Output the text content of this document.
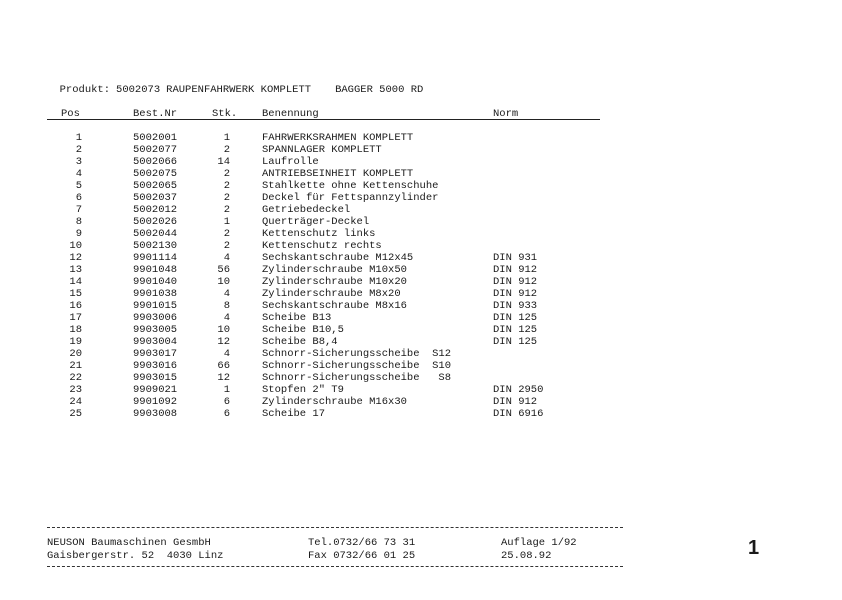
Produkt: 5002073 RAUPENFAHRWERK KOMPLETT BAGGER 5000 RD

Pos	Best.Nr	Stk. Benennung	Norm
1	5002001	1	FAHRWERKSRAHMEN KOMPLETT
2	5002077	2	SPANNLAGER KOMPLETT
3	5002066	14	Laufrolle
4	5002075	2	ANTRIEBSEINHEIT KOMPLETT
5	5002065	2	Stahlkette ohne Kettenschuhe
6	5002037	2	Deckel für Fettspannzylinder
7	5002012	2	Getriebedeckel
8	5002026	1	Querträger-Deckel
9	5002044	2	Kettenschutz links
10	5002130	2	Kettenschutz rechts
12	9901114	4	Sechskantschraube M12x45	DIN 931
13	9901048	56	Zylinderschraube M10x50	DIN 912
14	9901040	10	Zylinderschraube M10x20	DIN 912
15	9901038	4	Zylinderschraube M8x20	DIN 912
16	9901015	8	Sechskantschraube M8x16	DIN 933
17	9903006	4	Scheibe B13	DIN 125
18	9903005	10	Scheibe B10,5	DIN 125
19	9903004	12	Scheibe B8,4	DIN 125
20	9903017	4	Schnorr-Sicherungsscheibe  S12
21	9903016	66	Schnorr-Sicherungsscheibe  S10
22	9903015	12	Schnorr-Sicherungsscheibe   S8
23	9909021	1	Stopfen 2" T9	DIN 2950
24	9901092	6	Zylinderschraube M16x30	DIN 912
25	9903008	6	Scheibe 17	DIN 6916
NEUSON Baumaschinen GesmbH
Gaisbergerstr. 52  4030 Linz
Tel.0732/66 73 31
Fax 0732/66 01 25
Auflage 1/92
25.08.92	1
